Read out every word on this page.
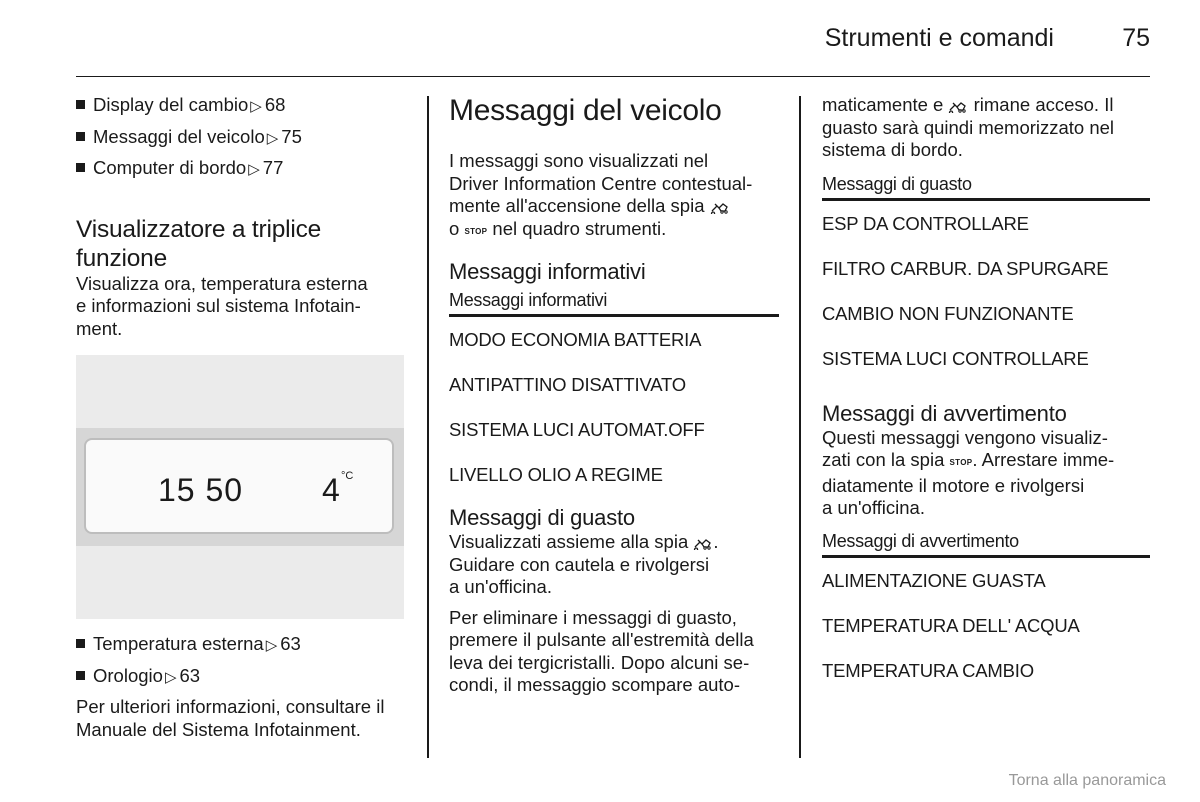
Strumenti e comandi	75
Display del cambio ▷ 68
Messaggi del veicolo ▷ 75
Computer di bordo ▷ 77
Visualizzatore a triplice
funzione
Visualizza ora, temperatura esterna
e informazioni sul sistema Infotain-
ment.
15 50 4 °C
Temperatura esterna ▷ 63
Orologio ▷ 63
Per ulteriori informazioni, consultare il
Manuale del Sistema Infotainment.
Messaggi del veicolo
I messaggi sono visualizzati nel
Driver Information Centre contestual-
mente all'accensione della spia
o STOP nel quadro strumenti.
Messaggi informativi
Messaggi informativi
MODO ECONOMIA BATTERIA
ANTIPATTINO DISATTIVATO
SISTEMA LUCI AUTOMAT.OFF
LIVELLO OLIO A REGIME
Messaggi di guasto
Visualizzati assieme alla spia .
Guidare con cautela e rivolgersi
a un'officina.
Per eliminare i messaggi di guasto,
premere il pulsante all'estremità della
leva dei tergicristalli. Dopo alcuni se-
condi, il messaggio scompare auto-
maticamente e rimane acceso. Il
guasto sarà quindi memorizzato nel
sistema di bordo.
Messaggi di guasto
ESP DA CONTROLLARE
FILTRO CARBUR. DA SPURGARE
CAMBIO NON FUNZIONANTE
SISTEMA LUCI CONTROLLARE
Messaggi di avvertimento
Questi messaggi vengono visualiz-
zati con la spia STOP. Arrestare imme-
diatamente il motore e rivolgersi
a un'officina.
Messaggi di avvertimento
ALIMENTAZIONE GUASTA
TEMPERATURA DELL' ACQUA
TEMPERATURA CAMBIO
Torna alla panoramica
